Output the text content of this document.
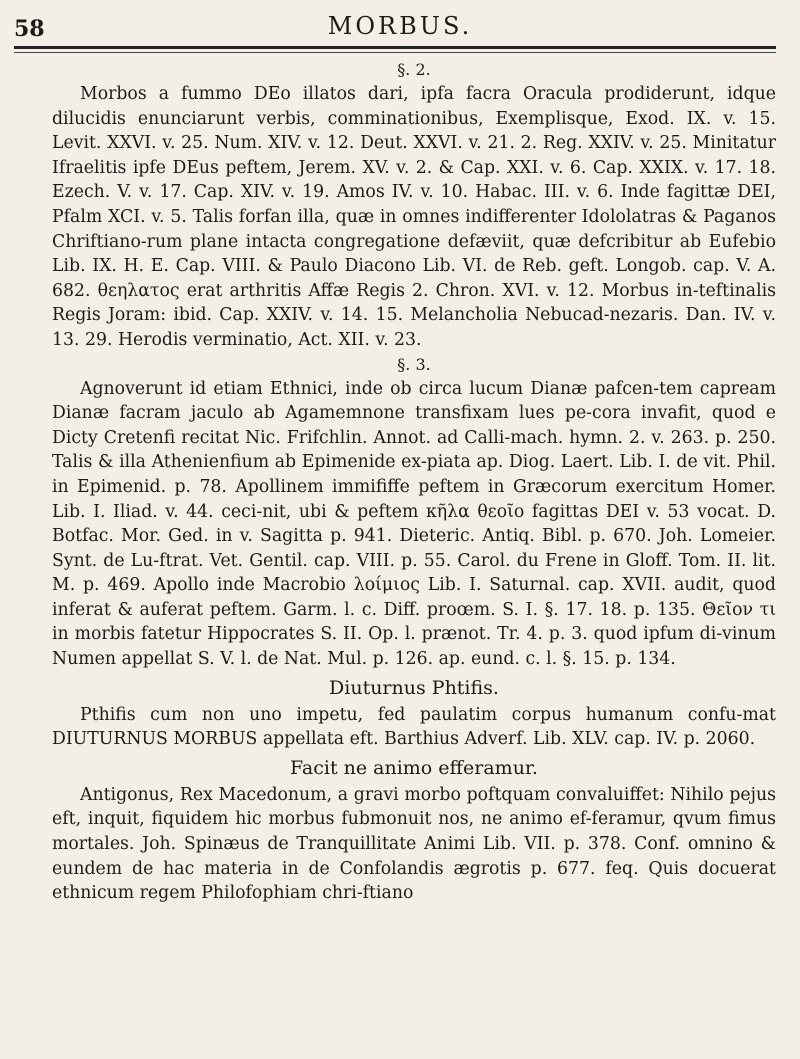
58	MORBUS.
§. 2.

Morbos a fummo DEo illatos dari, ipfa facra Oracula prodiderunt, idque dilucidis enunciarunt verbis, comminationibus, Exemplisque, Exod. IX. v. 15. Levit. XXVI. v. 25. Num. XIV. v. 12. Deut. XXVI. v. 21. 2. Reg. XXIV. v. 25. Minitatur Ifraelitis ipfe DEus peftem, Jerem. XV. v. 2. & Cap. XXI. v. 6. Cap. XXIX. v. 17. 18. Ezech. V. v. 17. Cap. XIV. v. 19. Amos IV. v. 10. Habac. III. v. 6. Inde fagittæ DEI, Pfalm XCI. v. 5. Talis forfan illa, quæ in omnes indifferenter Idololatras & Paganos Chriftiano-rum plane intacta congregatione defæviit, quæ defcribitur ab Eufebio Lib. IX. H. E. Cap. VIII. & Paulo Diacono Lib. VI. de Reb. geft. Longob. cap. V. A. 682. θεηλατος erat arthritis Affæ Regis 2. Chron. XVI. v. 12. Morbus in-teftinalis Regis Joram: ibid. Cap. XXIV. v. 14. 15. Melancholia Nebucad-nezaris. Dan. IV. v. 13. 29. Herodis verminatio, Act. XII. v. 23.

§. 3.

Agnoverunt id etiam Ethnici, inde ob circa lucum Dianæ pafcen-tem capream Dianæ facram jaculo ab Agamemnone transfixam lues pe-cora invafit, quod e Dicty Cretenfi recitat Nic. Frifchlin. Annot. ad Calli-mach. hymn. 2. v. 263. p. 250. Talis & illa Athenienfium ab Epimenide ex-piata ap. Diog. Laert. Lib. I. de vit. Phil. in Epimenid. p. 78. Apollinem immififfe peftem in Græcorum exercitum Homer. Lib. I. Iliad. v. 44. ceci-nit, ubi & peftem κῆλα θεοῖο fagittas DEI v. 53 vocat. D. Botfac. Mor. Ged. in v. Sagitta p. 941. Dieteric. Antiq. Bibl. p. 670. Joh. Lomeier. Synt. de Lu-ftrat. Vet. Gentil. cap. VIII. p. 55. Carol. du Frene in Gloff. Tom. II. lit. M. p. 469. Apollo inde Macrobio λοίμιος Lib. I. Saturnal. cap. XVII. audit, quod inferat & auferat peftem. Garm. l. c. Diff. proœm. S. I. §. 17. 18. p. 135. Θεῖον τι in morbis fatetur Hippocrates S. II. Op. l. prænot. Tr. 4. p. 3. quod ipfum di-vinum Numen appellat S. V. l. de Nat. Mul. p. 126. ap. eund. c. l. §. 15. p. 134.

Diuturnus Phtifis.

Pthifis cum non uno impetu, fed paulatim corpus humanum confu-mat DIUTURNUS MORBUS appellata eft. Barthius Adverf. Lib. XLV. cap. IV. p. 2060.

Facit ne animo efferamur.

Antigonus, Rex Macedonum, a gravi morbo poftquam convaluiffet: Nihilo pejus eft, inquit, fiquidem hic morbus fubmonuit nos, ne animo ef-feramur, qvum fimus mortales. Joh. Spinæus de Tranquillitate Animi Lib. VII. p. 378. Conf. omnino & eundem de hac materia in de Confolandis ægrotis p. 677. feq. Quis docuerat ethnicum regem Philofophiam chri-ftiano
